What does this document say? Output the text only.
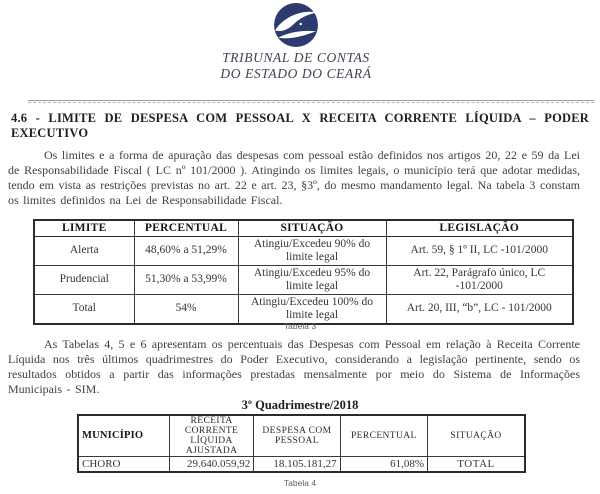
TRIBUNAL DE CONTAS
DO ESTADO DO CEARÁ
4.6 - LIMITE DE DESPESA COM PESSOAL X RECEITA CORRENTE LÍQUIDA – PODER EXECUTIVO

Os limites e a forma de apuração das despesas com pessoal estão definidos nos artigos 20, 22 e 59 da Lei de Responsabilidade Fiscal ( LC nº 101/2000 ). Atingindo os limites legais, o município terá que adotar medidas, tendo em vista as restrições previstas no art. 22 e art. 23, §3º, do mesmo mandamento legal. Na tabela 3 constam os limites definidos na Lei de Responsabilidade Fiscal.

LIMITE	PERCENTUAL	SITUAÇÃO	LEGISLAÇÃO
Alerta	48,60% a 51,29%	Atingiu/Excedeu 90% do limite legal	Art. 59, § 1º II, LC -101/2000
Prudencial	51,30% a 53,99%	Atingiu/Excedeu 95% do limite legal	Art. 22, Parágrafo único, LC -101/2000
Total	54%	Atingiu/Excedeu 100% do limite legal	Art. 20, III, “b”, LC - 101/2000
Tabela 3

As Tabelas 4, 5 e 6 apresentam os percentuais das Despesas com Pessoal em relação à Receita Corrente Líquida nos três últimos quadrimestres do Poder Executivo, considerando a legislação pertinente, sendo os resultados obtidos a partir das informações prestadas mensalmente por meio do Sistema de Informações Municipais - SIM.

3º Quadrimestre/2018
MUNICÍPIO	RECEITA CORRENTE LÍQUIDA AJUSTADA	DESPESA COM PESSOAL	PERCENTUAL	SITUAÇÃO
CHORO	29.640.059,92	18.105.181,27	61,08%	TOTAL
Tabela 4
